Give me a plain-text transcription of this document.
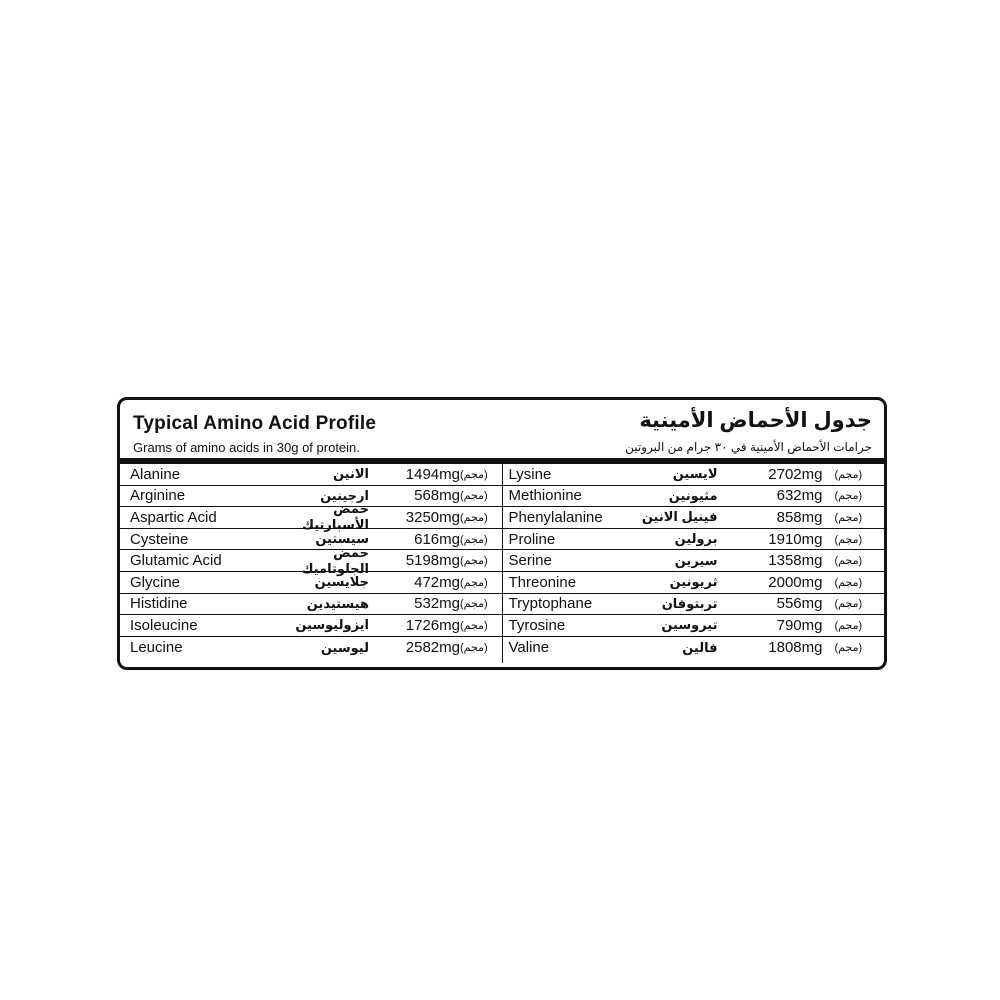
Typical Amino Acid Profile
Grams of amino acids in 30g of protein.
جدول الأحماض الأمينية
جرامات الأحماض الأمينية في ٣٠ جرام من البروتين
Alanine	الانين	1494mg (مجم)
Arginine	ارجينين	568mg (مجم)
Aspartic Acid	حمض الأسبارتيك	3250mg (مجم)
Cysteine	سيستين	616mg (مجم)
Glutamic Acid	حمض الجلوتاميك	5198mg (مجم)
Glycine	جلايسين	472mg (مجم)
Histidine	هيستيدين	532mg (مجم)
Isoleucine	ايزوليوسين	1726mg (مجم)
Leucine	ليوسين	2582mg (مجم)
Lysine	لايسين	2702mg (مجم)
Methionine	مثيونين	632mg (مجم)
Phenylalanine	فينيل الانين	858mg (مجم)
Proline	برولين	1910mg (مجم)
Serine	سيرين	1358mg (مجم)
Threonine	ثريونين	2000mg (مجم)
Tryptophane	تربتوفان	556mg (مجم)
Tyrosine	تيروسين	790mg (مجم)
Valine	فالين	1808mg (مجم)
